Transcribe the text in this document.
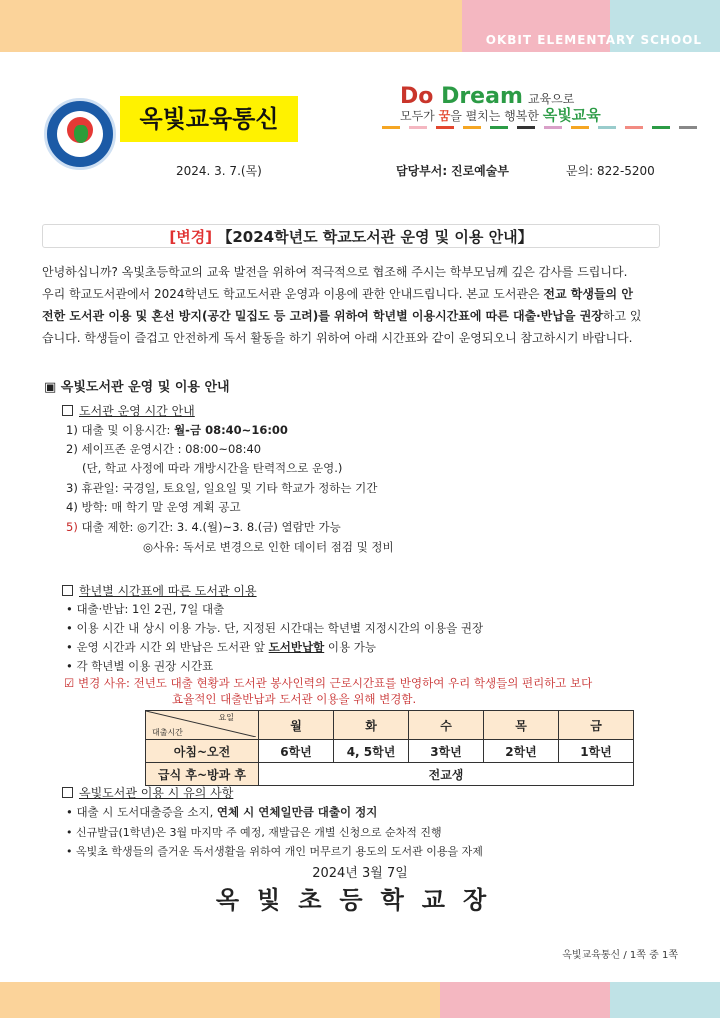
OKBIT ELEMENTARY SCHOOL
옥빛교육통신
Do Dream 교육으로
모두가 꿈을 펼치는 행복한 옥빛교육
2024. 3. 7.(목)	담당부서: 진로예술부	문의: 822-5200
[변경] 【2024학년도 학교도서관 운영 및 이용 안내】
안녕하십니까? 옥빛초등학교의 교육 발전을 위하여 적극적으로 협조해 주시는 학부모님께 깊은 감사를 드립니다.
우리 학교도서관에서 2024학년도 학교도서관 운영과 이용에 관한 안내드립니다. 본교 도서관은 전교 학생들의 안
전한 도서관 이용 및 혼선 방지(공간 밀집도 등 고려)를 위하여 학년별 이용시간표에 따른 대출·반납을 권장하고 있
습니다. 학생들이 즐겁고 안전하게 독서 활동을 하기 위하여 아래 시간표와 같이 운영되오니 참고하시기 바랍니다.
▣ 옥빛도서관 운영 및 이용 안내
도서관 운영 시간 안내
1) 대출 및 이용시간: 월-금 08:40~16:00
2) 세이프존 운영시간 : 08:00~08:40
(단, 학교 사정에 따라 개방시간을 탄력적으로 운영.)
3) 휴관일: 국경일, 토요일, 일요일 및 기타 학교가 정하는 기간
4) 방학: 매 학기 말 운영 계획 공고
5) 대출 제한: ◎기간: 3. 4.(월)~3. 8.(금) 열람만 가능
◎사유: 독서로 변경으로 인한 데이터 점검 및 정비
학년별 시간표에 따른 도서관 이용
• 대출·반납: 1인 2권, 7일 대출
• 이용 시간 내 상시 이용 가능. 단, 지정된 시간대는 학년별 지정시간의 이용을 권장
• 운영 시간과 시간 외 반납은 도서관 앞 도서반납함 이용 가능
• 각 학년별 이용 권장 시간표
☑ 변경 사유: 전년도 대출 현황과 도서관 봉사인력의 근로시간표를 반영하여 우리 학생들의 편리하고 보다
효율적인 대출반납과 도서관 이용을 위해 변경함.
요일
대출시간	월	화	수	목	금
아침~오전	6학년	4, 5학년	3학년	2학년	1학년
급식 후~방과 후	전교생				
옥빛도서관 이용 시 유의 사항
• 대출 시 도서대출증을 소지, 연체 시 연체일만큼 대출이 정지
• 신규발급(1학년)은 3월 마지막 주 예정, 재발급은 개별 신청으로 순차적 진행
• 옥빛초 학생들의 즐거운 독서생활을 위하여 개인 머무르기 용도의 도서관 이용을 자제
2024년 3월 7일
옥빛초등학교장
옥빛교육통신 / 1쪽 중 1쪽
